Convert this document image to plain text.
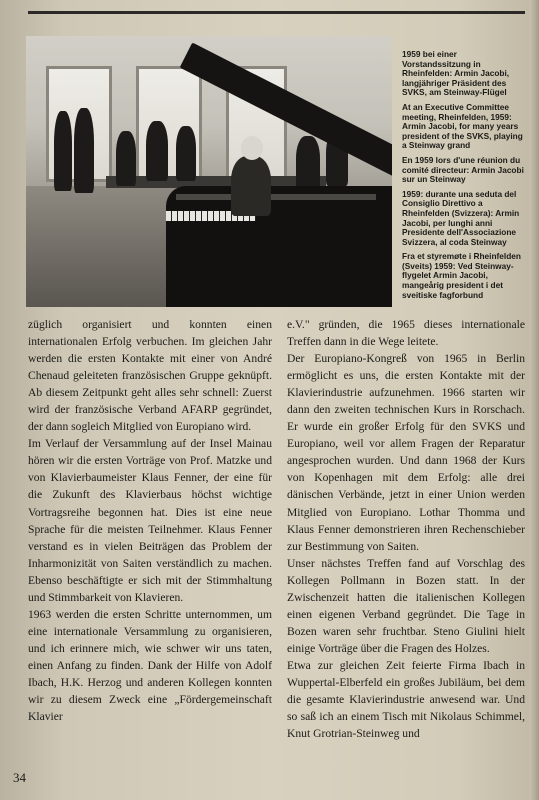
1959 bei einer Vorstandssitzung in Rheinfelden: Armin Jacobi, langjähriger Präsident des SVKS, am Steinway-Flügel

At an Executive Committee meeting, Rheinfelden, 1959: Armin Jacobi, for many years president of the SVKS, playing a Steinway grand

En 1959 lors d'une réunion du comité directeur: Armin Jacobi sur un Steinway

1959: durante una seduta del Consiglio Direttivo a Rheinfelden (Svizzera): Armin Jacobi, per lunghi anni Presidente dell'Associazione Svizzera, al coda Steinway

Fra et styremøte i Rheinfelden (Sveits) 1959: Ved Steinway-flygelet Armin Jacobi, mangeårig president i det sveitiske fagforbund

züglich organisiert und konnten einen internationalen Erfolg verbuchen. Im gleichen Jahr werden die ersten Kontakte mit einer von André Chenaud geleiteten französischen Gruppe geknüpft. Ab diesem Zeitpunkt geht alles sehr schnell: Zuerst wird der französische Verband AFARP gegründet, der dann sogleich Mitglied von Europiano wird.

Im Verlauf der Versammlung auf der Insel Mainau hören wir die ersten Vorträge von Prof. Matzke und von Klavierbaumeister Klaus Fenner, der eine für die Zukunft des Klavierbaus höchst wichtige Vortragsreihe begonnen hat. Dies ist eine neue Sprache für die meisten Teilnehmer. Klaus Fenner verstand es in vielen Beiträgen das Problem der Inharmonizität von Saiten verständlich zu machen. Ebenso beschäftigte er sich mit der Stimmhaltung und Stimmbarkeit von Klavieren.

1963 werden die ersten Schritte unternommen, um eine internationale Versammlung zu organisieren, und ich erinnere mich, wie schwer wir uns taten, einen Anfang zu finden. Dank der Hilfe von Adolf Ibach, H.K. Herzog und anderen Kollegen konnten wir zu diesem Zweck eine „Fördergemeinschaft Klavier

e.V." gründen, die 1965 dieses internationale Treffen dann in die Wege leitete.

Der Europiano-Kongreß von 1965 in Berlin ermöglicht es uns, die ersten Kontakte mit der Klavierindustrie aufzunehmen. 1966 starten wir dann den zweiten technischen Kurs in Rorschach. Er wurde ein großer Erfolg für den SVKS und Europiano, weil vor allem Fragen der Reparatur angesprochen wurden. Und dann 1968 der Kurs von Kopenhagen mit dem Erfolg: alle drei dänischen Verbände, jetzt in einer Union werden Mitglied von Europiano. Lothar Thomma und Klaus Fenner demonstrieren ihren Rechenschieber zur Bestimmung von Saiten.

Unser nächstes Treffen fand auf Vorschlag des Kollegen Pollmann in Bozen statt. In der Zwischenzeit hatten die italienischen Kollegen einen eigenen Verband gegründet. Die Tage in Bozen waren sehr fruchtbar. Steno Giulini hielt einige Vorträge über die Fragen des Holzes.

Etwa zur gleichen Zeit feierte Firma Ibach in Wuppertal-Elberfeld ein großes Jubiläum, bei dem die gesamte Klavierindustrie anwesend war. Und so saß ich an einem Tisch mit Nikolaus Schimmel, Knut Grotrian-Steinweg und

34
